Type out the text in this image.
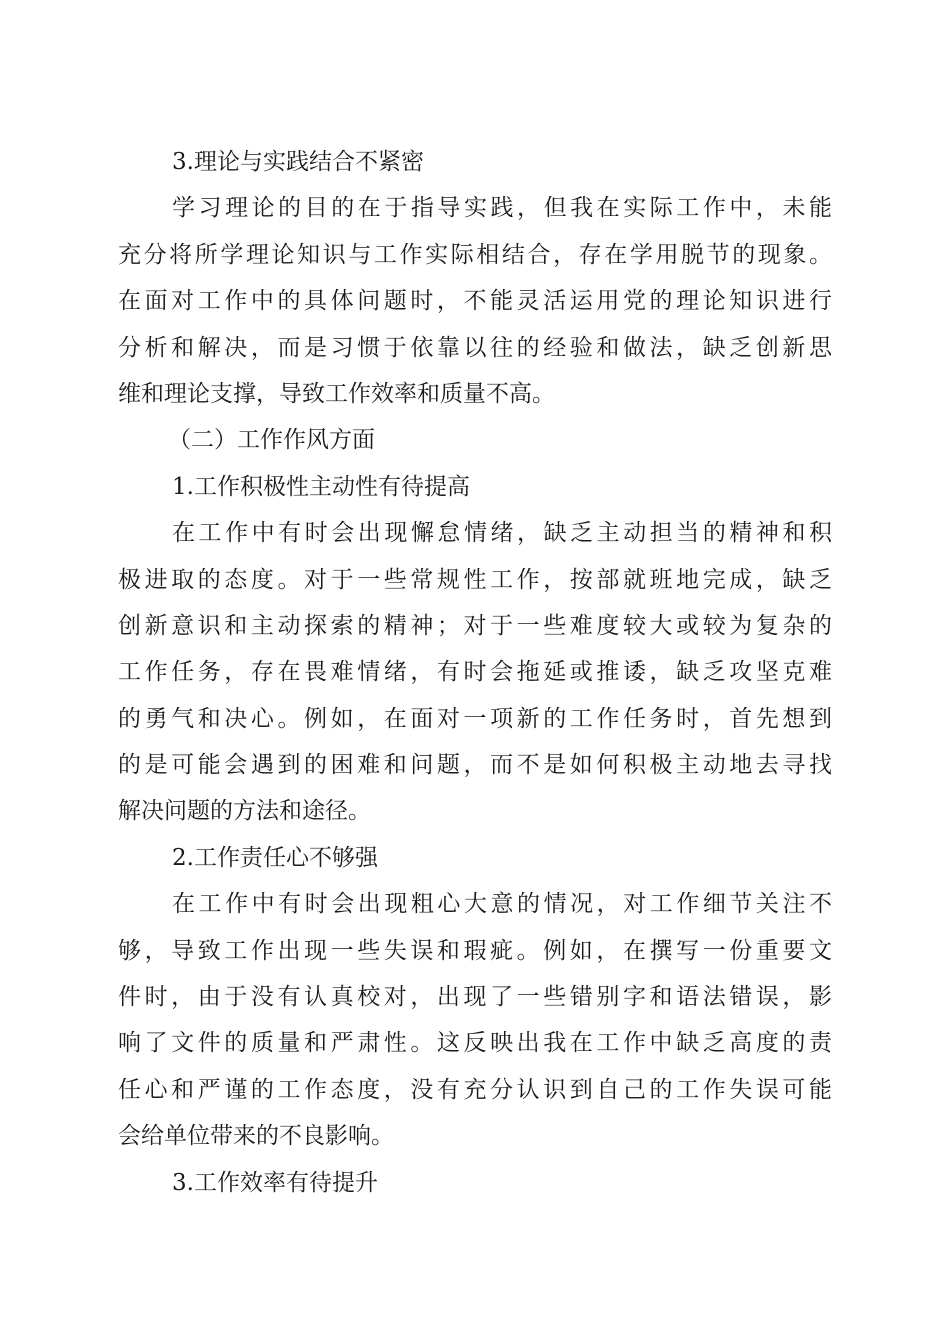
3.理论与实践结合不紧密
学习理论的目的在于指导实践，但我在实际工作中，未能
充分将所学理论知识与工作实际相结合，存在学用脱节的现象。
在面对工作中的具体问题时，不能灵活运用党的理论知识进行
分析和解决，而是习惯于依靠以往的经验和做法，缺乏创新思
维和理论支撑，导致工作效率和质量不高。
（二）工作作风方面
1.工作积极性主动性有待提高
在工作中有时会出现懈怠情绪，缺乏主动担当的精神和积
极进取的态度。对于一些常规性工作，按部就班地完成，缺乏
创新意识和主动探索的精神；对于一些难度较大或较为复杂的
工作任务，存在畏难情绪，有时会拖延或推诿，缺乏攻坚克难
的勇气和决心。例如，在面对一项新的工作任务时，首先想到
的是可能会遇到的困难和问题，而不是如何积极主动地去寻找
解决问题的方法和途径。
2.工作责任心不够强
在工作中有时会出现粗心大意的情况，对工作细节关注不
够，导致工作出现一些失误和瑕疵。例如，在撰写一份重要文
件时，由于没有认真校对，出现了一些错别字和语法错误，影
响了文件的质量和严肃性。这反映出我在工作中缺乏高度的责
任心和严谨的工作态度，没有充分认识到自己的工作失误可能
会给单位带来的不良影响。
3.工作效率有待提升
